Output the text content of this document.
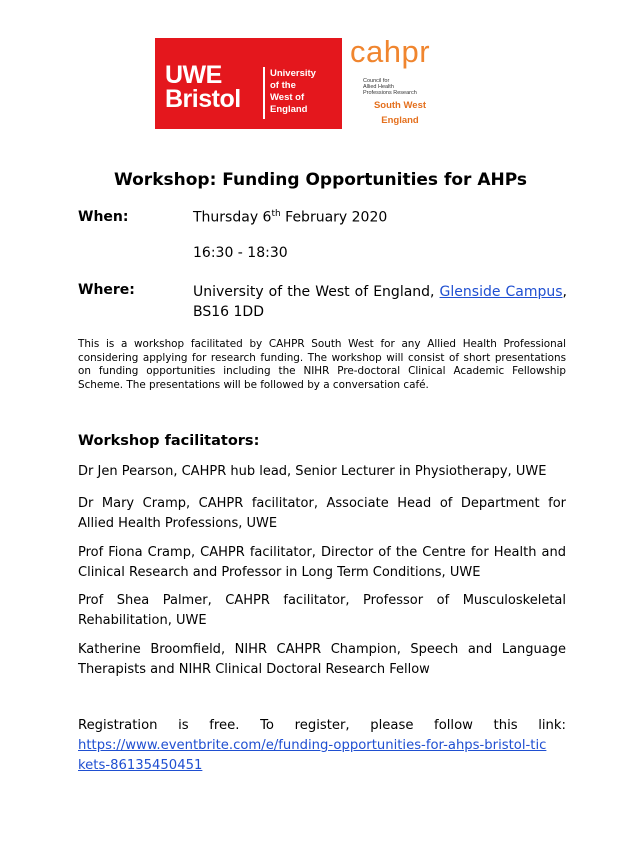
UWE
Bristol
University
of the
West of
England
cahpr
Council for
Allied Health
Professions Research
South West
England
Workshop: Funding Opportunities for AHPs
When:	Thursday 6th February 2020
16:30 - 18:30
Where:	University of the West of England, Glenside Campus, BS16 1DD
This is a workshop facilitated by CAHPR South West for any Allied Health Professional considering applying for research funding. The workshop will consist of short presentations on funding opportunities including the NIHR Pre-doctoral Clinical Academic Fellowship Scheme. The presentations will be followed by a conversation café.
Workshop facilitators:
Dr Jen Pearson, CAHPR hub lead, Senior Lecturer in Physiotherapy, UWE
Dr Mary Cramp, CAHPR facilitator, Associate Head of Department for Allied Health Professions, UWE
Prof Fiona Cramp, CAHPR facilitator, Director of the Centre for Health and Clinical Research and Professor in Long Term Conditions, UWE
Prof Shea Palmer, CAHPR facilitator, Professor of Musculoskeletal Rehabilitation, UWE
Katherine Broomfield, NIHR CAHPR Champion, Speech and Language Therapists and NIHR Clinical Doctoral Research Fellow
Registration is free. To register, please follow this link:
https://www.eventbrite.com/e/funding-opportunities-for-ahps-bristol-tickets-86135450451
